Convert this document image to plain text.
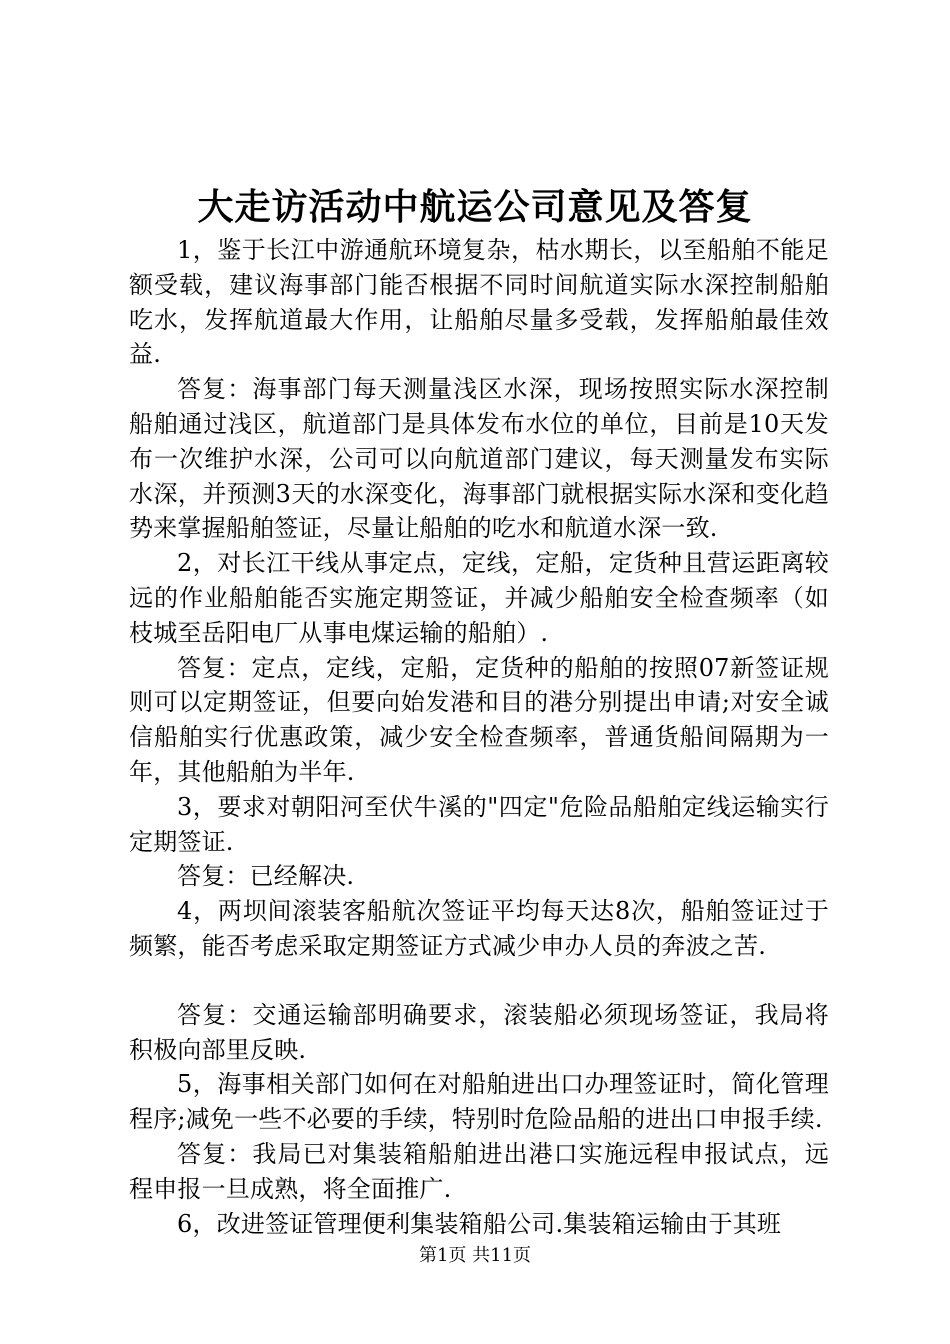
大走访活动中航运公司意见及答复

1，鉴于长江中游通航环境复杂，枯水期长，以至船舶不能足额受载，建议海事部门能否根据不同时间航道实际水深控制船舶吃水，发挥航道最大作用，让船舶尽量多受载，发挥船舶最佳效益.

答复：海事部门每天测量浅区水深，现场按照实际水深控制船舶通过浅区，航道部门是具体发布水位的单位，目前是10天发布一次维护水深，公司可以向航道部门建议，每天测量发布实际水深，并预测3天的水深变化，海事部门就根据实际水深和变化趋势来掌握船舶签证，尽量让船舶的吃水和航道水深一致.

2，对长江干线从事定点，定线，定船，定货种且营运距离较远的作业船舶能否实施定期签证，并减少船舶安全检查频率（如枝城至岳阳电厂从事电煤运输的船舶）.

答复：定点，定线，定船，定货种的船舶的按照07新签证规则可以定期签证，但要向始发港和目的港分别提出申请;对安全诚信船舶实行优惠政策，减少安全检查频率，普通货船间隔期为一年，其他船舶为半年.

3，要求对朝阳河至伏牛溪的"四定"危险品船舶定线运输实行定期签证.

答复：已经解决.

4，两坝间滚装客船航次签证平均每天达8次，船舶签证过于频繁，能否考虑采取定期签证方式减少申办人员的奔波之苦.

答复：交通运输部明确要求，滚装船必须现场签证，我局将积极向部里反映.

5，海事相关部门如何在对船舶进出口办理签证时，简化管理程序;减免一些不必要的手续，特别时危险品船的进出口申报手续.

答复：我局已对集装箱船舶进出港口实施远程申报试点，远程申报一旦成熟，将全面推广.

6，改进签证管理便利集装箱船公司.集装箱运输由于其班

第1页 共11页
